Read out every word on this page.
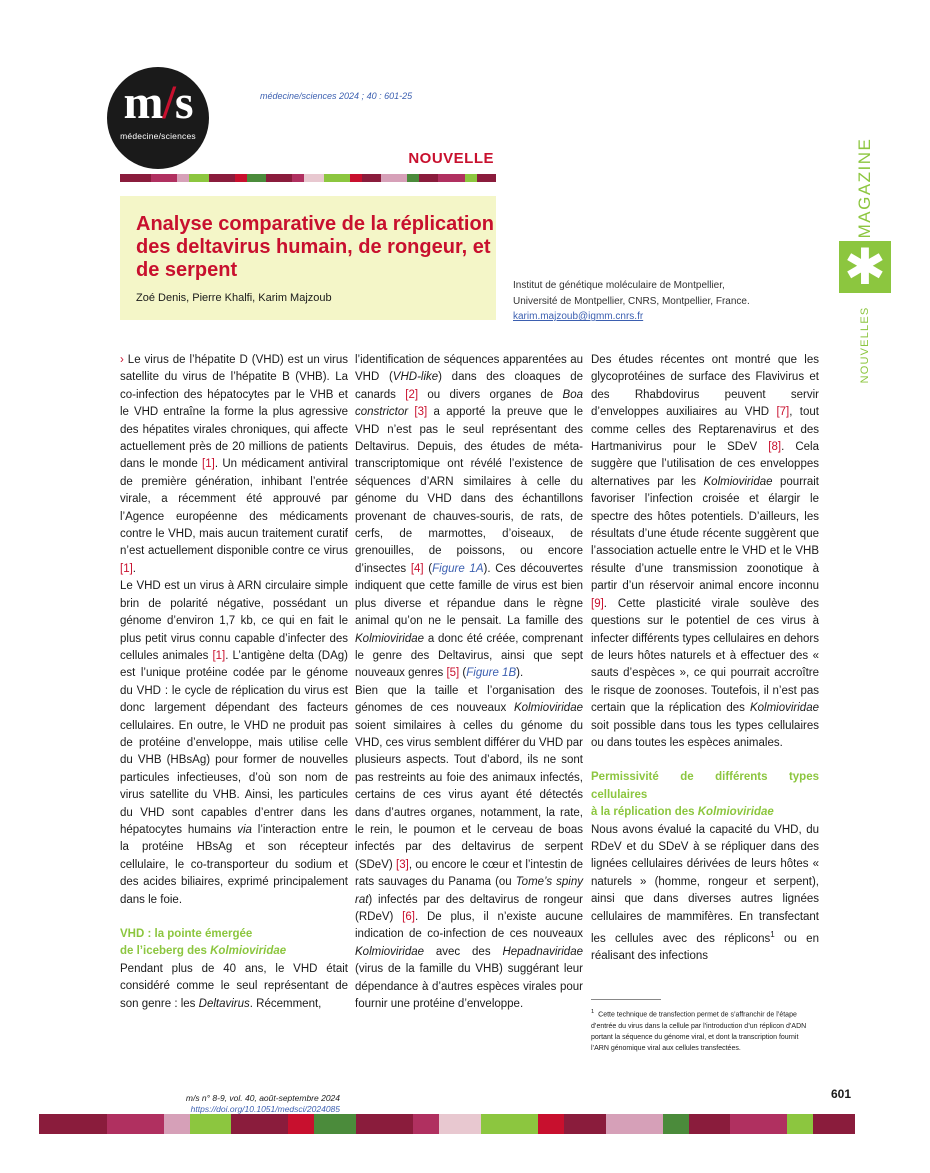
m/s
médecine/sciences
médecine/sciences 2024 ; 40 : 601-25
NOUVELLE
Analyse comparative de la réplication des deltavirus humain, de rongeur, et de serpent
Zoé Denis, Pierre Khalfi, Karim Majzoub
Institut de génétique moléculaire de Montpellier,
Université de Montpellier, CNRS, Montpellier, France.
karim.majzoub@igmm.cnrs.fr
MAGAZINE
✱
NOUVELLES

› Le virus de l’hépatite D (VHD) est un virus satellite du virus de l’hépatite B (VHB). La co-infection des hépatocytes par le VHB et le VHD entraîne la forme la plus agressive des hépatites virales chroniques, qui affecte actuellement près de 20 millions de patients dans le monde [1]. Un médicament antiviral de première génération, inhibant l’entrée virale, a récemment été approuvé par l’Agence européenne des médicaments contre le VHD, mais aucun traitement curatif n’est actuellement disponible contre ce virus [1].

Le VHD est un virus à ARN circulaire simple brin de polarité négative, possédant un génome d’environ 1,7 kb, ce qui en fait le plus petit virus connu capable d’infecter des cellules animales [1]. L’antigène delta (DAg) est l’unique protéine codée par le génome du VHD : le cycle de réplication du virus est donc largement dépendant des facteurs cellulaires. En outre, le VHD ne produit pas de protéine d’enveloppe, mais utilise celle du VHB (HBsAg) pour former de nouvelles particules infectieuses, d’où son nom de virus satellite du VHB. Ainsi, les particules du VHD sont capables d’entrer dans les hépatocytes humains via l’interaction entre la protéine HBsAg et son récepteur cellulaire, le co-transporteur du sodium et des acides biliaires, exprimé principalement dans le foie.

VHD : la pointe émergée
de l’iceberg des Kolmioviridae

Pendant plus de 40 ans, le VHD était considéré comme le seul représentant de son genre : les Deltavirus. Récemment,

l’identification de séquences apparentées au VHD (VHD-like) dans des cloaques de canards [2] ou divers organes de Boa constrictor [3] a apporté la preuve que le VHD n’est pas le seul représentant des Deltavirus. Depuis, des études de méta-transcriptomique ont révélé l’existence de séquences d’ARN similaires à celle du génome du VHD dans des échantillons provenant de chauves-souris, de rats, de cerfs, de marmottes, d’oiseaux, de grenouilles, de poissons, ou encore d’insectes [4] (Figure 1A). Ces découvertes indiquent que cette famille de virus est bien plus diverse et répandue dans le règne animal qu’on ne le pensait. La famille des Kolmioviridae a donc été créée, comprenant le genre des Deltavirus, ainsi que sept nouveaux genres [5] (Figure 1B).

Bien que la taille et l’organisation des génomes de ces nouveaux Kolmioviridae soient similaires à celles du génome du VHD, ces virus semblent différer du VHD par plusieurs aspects. Tout d’abord, ils ne sont pas restreints au foie des animaux infectés, certains de ces virus ayant été détectés dans d’autres organes, notamment, la rate, le rein, le poumon et le cerveau de boas infectés par des deltavirus de serpent (SDeV) [3], ou encore le cœur et l’intestin de rats sauvages du Panama (ou Tome’s spiny rat) infectés par des deltavirus de rongeur (RDeV) [6]. De plus, il n’existe aucune indication de co-infection de ces nouveaux Kolmioviridae avec des Hepadnaviridae (virus de la famille du VHB) suggérant leur dépendance à d’autres espèces virales pour fournir une protéine d’enveloppe.

Des études récentes ont montré que les glycoprotéines de surface des Flavivirus et des Rhabdovirus peuvent servir d’enveloppes auxiliaires au VHD [7], tout comme celles des Reptarenavirus et des Hartmanivirus pour le SDeV [8]. Cela suggère que l’utilisation de ces enveloppes alternatives par les Kolmioviridae pourrait favoriser l’infection croisée et élargir le spectre des hôtes potentiels. D’ailleurs, les résultats d’une étude récente suggèrent que l’association actuelle entre le VHD et le VHB résulte d’une transmission zoonotique à partir d’un réservoir animal encore inconnu [9]. Cette plasticité virale soulève des questions sur le potentiel de ces virus à infecter différents types cellulaires en dehors de leurs hôtes naturels et à effectuer des « sauts d’espèces », ce qui pourrait accroître le risque de zoonoses. Toutefois, il n’est pas certain que la réplication des Kolmioviridae soit possible dans tous les types cellulaires ou dans toutes les espèces animales.

Permissivité de différents types cellulaires
à la réplication des Kolmioviridae

Nous avons évalué la capacité du VHD, du RDeV et du SDeV à se répliquer dans des lignées cellulaires dérivées de leurs hôtes « naturels » (homme, rongeur et serpent), ainsi que dans diverses autres lignées cellulaires de mammifères. En transfectant les cellules avec des réplicons$^1$ ou en réalisant des infections

$^1$ Cette technique de transfection permet de s’affranchir de l’étape d’entrée du virus dans la cellule par l’introduction d’un réplicon d’ADN portant la séquence du génome viral, et dont la transcription fournit l’ARN génomique viral aux cellules transfectées.
m/s n° 8-9, vol. 40, août-septembre 2024
https://doi.org/10.1051/medsci/2024085
601
